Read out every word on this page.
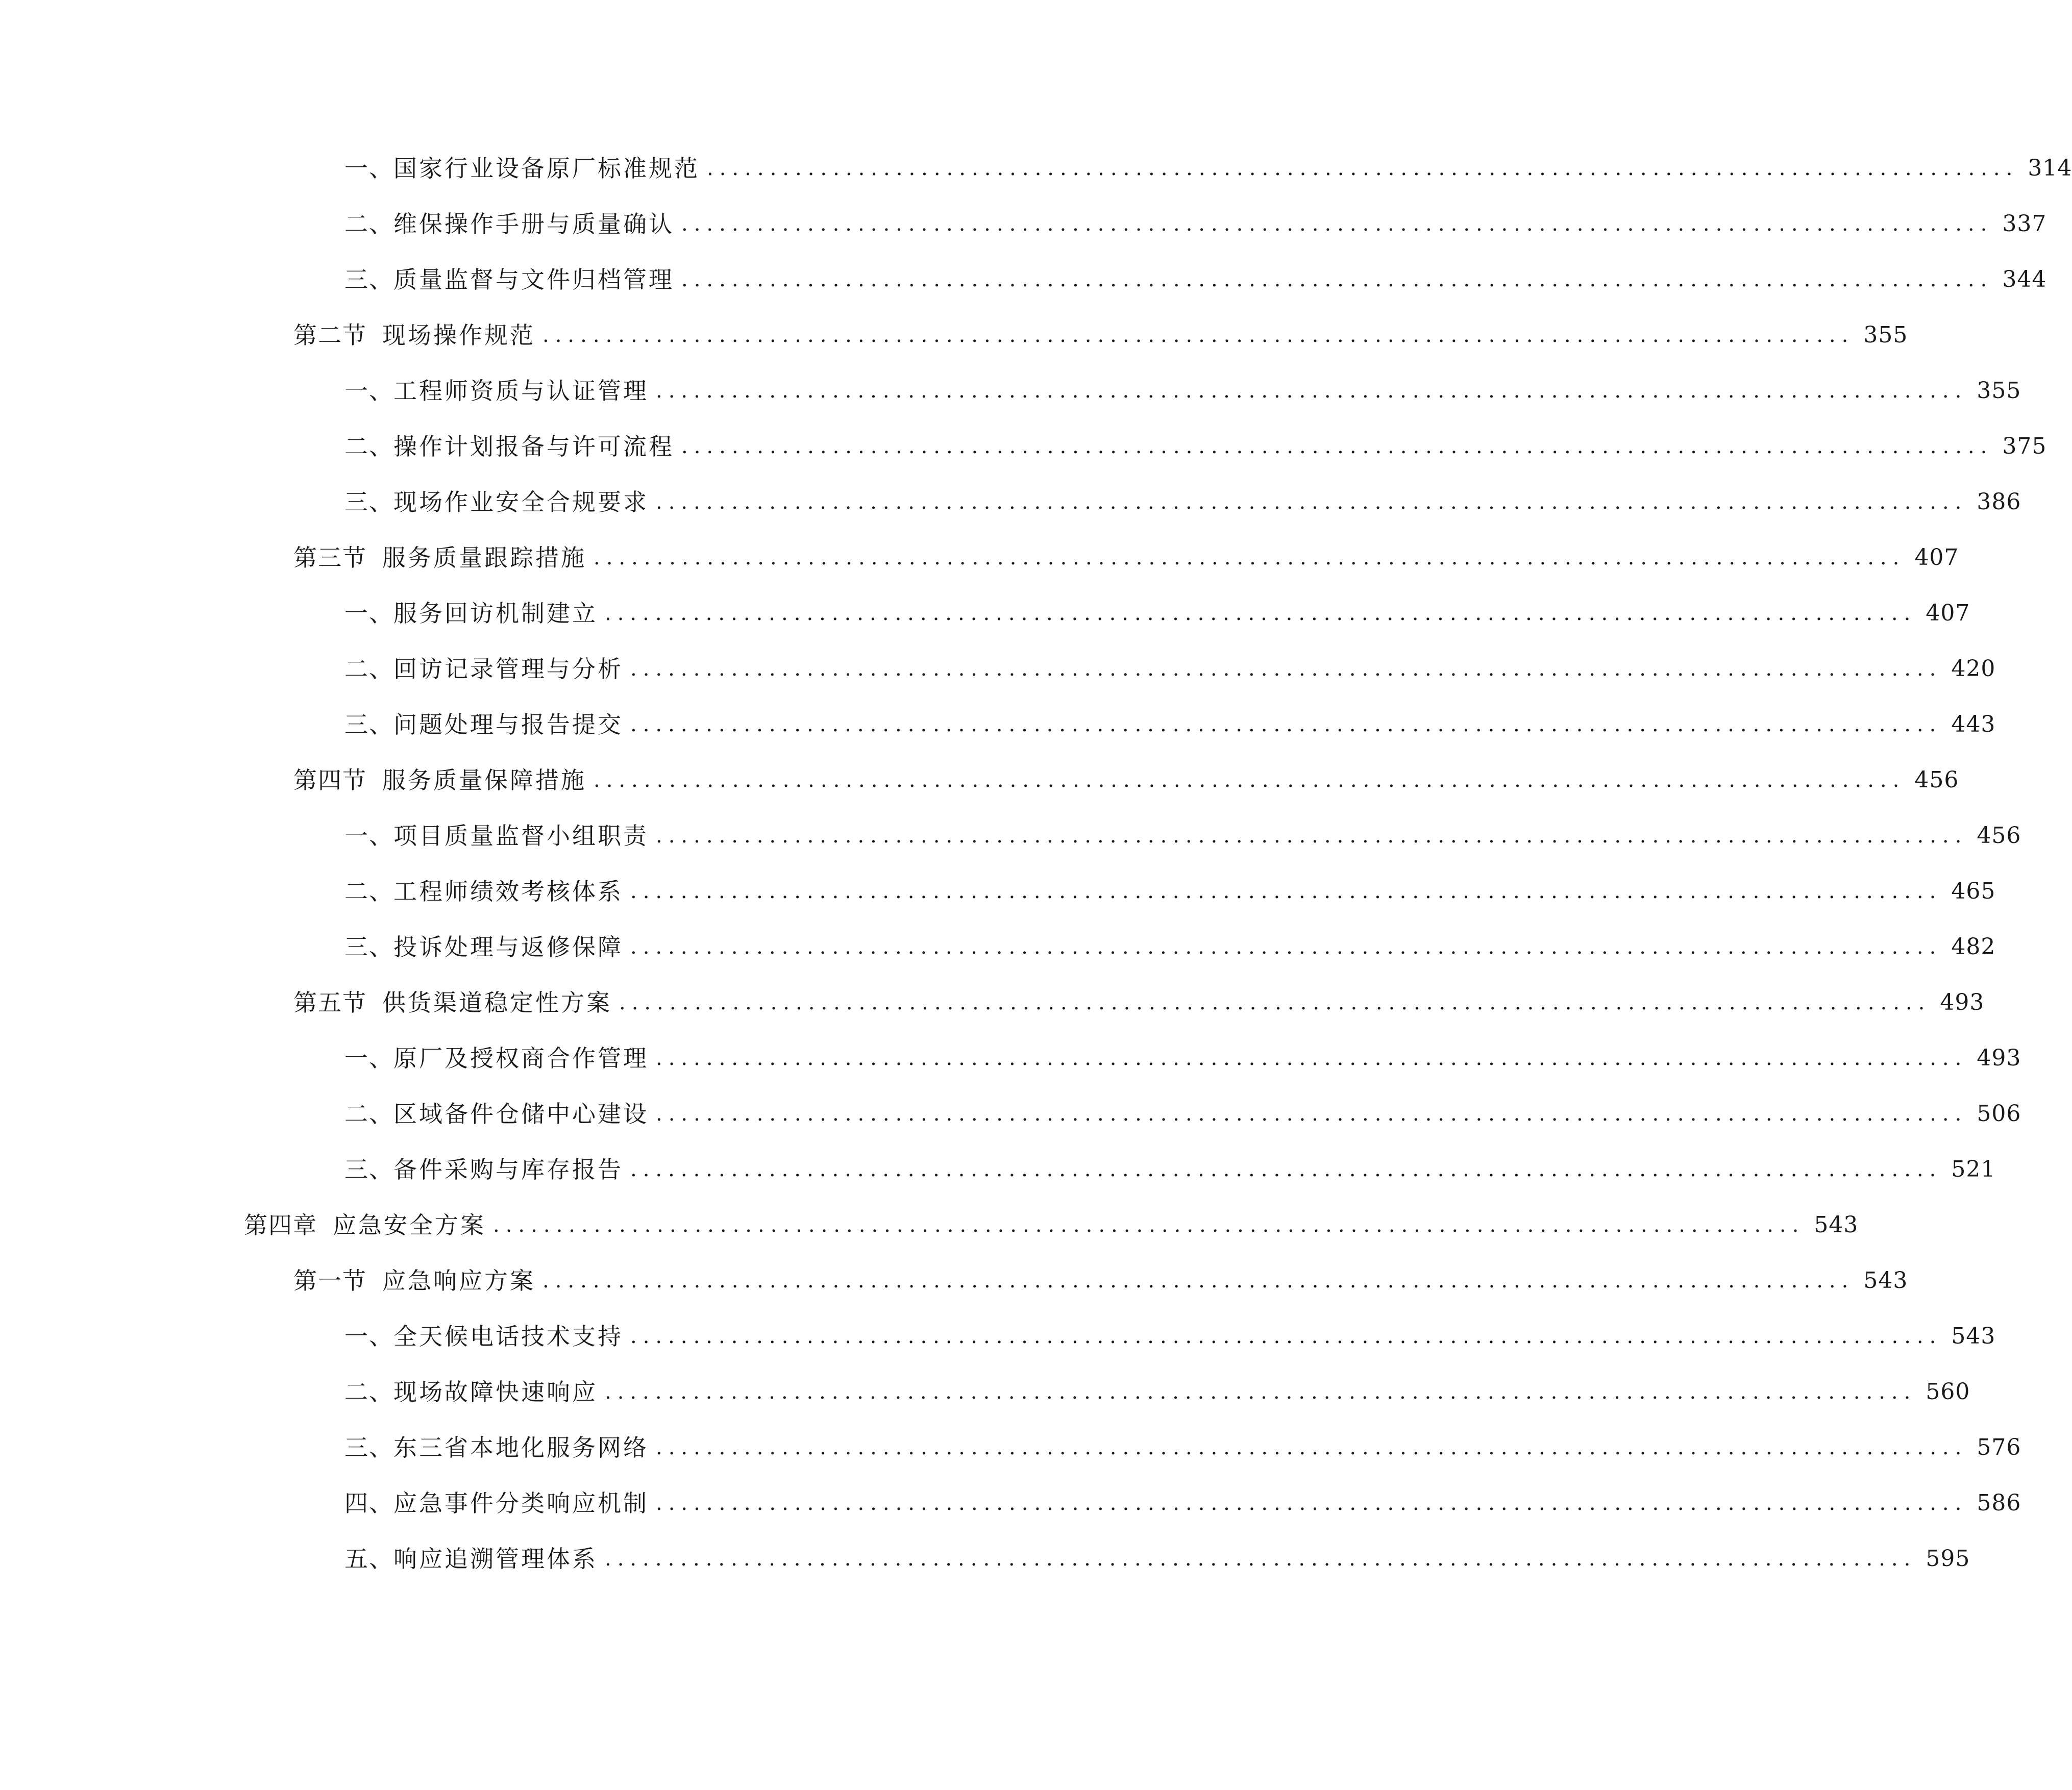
一、 国家行业设备原厂标准规范 ........................................................................................................ 314
二、 维保操作手册与质量确认 ........................................................................................................ 337
三、 质量监督与文件归档管理 ........................................................................................................ 344
第二节 现场操作规范 ........................................................................................................ 355
一、 工程师资质与认证管理 ........................................................................................................ 355
二、 操作计划报备与许可流程 ........................................................................................................ 375
三、 现场作业安全合规要求 ........................................................................................................ 386
第三节 服务质量跟踪措施 ........................................................................................................ 407
一、 服务回访机制建立 ........................................................................................................ 407
二、 回访记录管理与分析 ........................................................................................................ 420
三、 问题处理与报告提交 ........................................................................................................ 443
第四节 服务质量保障措施 ........................................................................................................ 456
一、 项目质量监督小组职责 ........................................................................................................ 456
二、 工程师绩效考核体系 ........................................................................................................ 465
三、 投诉处理与返修保障 ........................................................................................................ 482
第五节 供货渠道稳定性方案 ........................................................................................................ 493
一、 原厂及授权商合作管理 ........................................................................................................ 493
二、 区域备件仓储中心建设 ........................................................................................................ 506
三、 备件采购与库存报告 ........................................................................................................ 521
第四章 应急安全方案 ........................................................................................................ 543
第一节 应急响应方案 ........................................................................................................ 543
一、 全天候电话技术支持 ........................................................................................................ 543
二、 现场故障快速响应 ........................................................................................................ 560
三、 东三省本地化服务网络 ........................................................................................................ 576
四、 应急事件分类响应机制 ........................................................................................................ 586
五、 响应追溯管理体系 ........................................................................................................ 595
